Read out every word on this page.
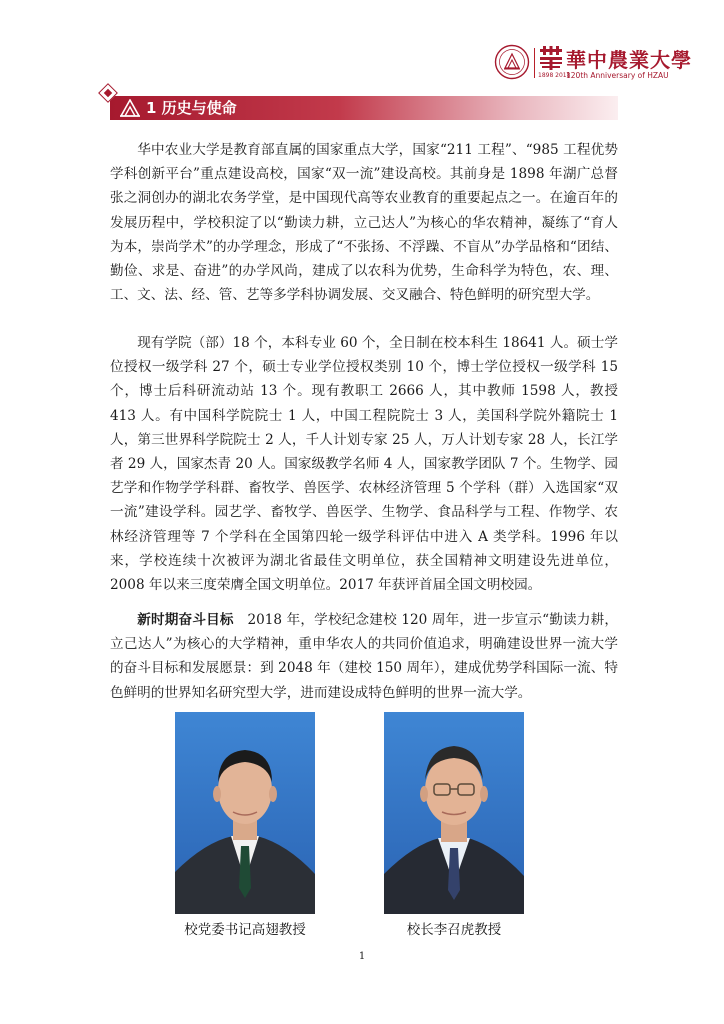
華中農業大學
1898 2018
120th Anniversary of HZAU
1 历史与使命

华中农业大学是教育部直属的国家重点大学，国家“211 工程”、“985 工程优势学科创新平台”重点建设高校，国家“双一流”建设高校。其前身是 1898 年湖广总督张之洞创办的湖北农务学堂，是中国现代高等农业教育的重要起点之一。在逾百年的发展历程中，学校积淀了以“勤读力耕，立己达人”为核心的华农精神，凝练了“育人为本，崇尚学术”的办学理念，形成了“不张扬、不浮躁、不盲从”办学品格和“团结、勤俭、求是、奋进”的办学风尚，建成了以农科为优势，生命科学为特色，农、理、工、文、法、经、管、艺等多学科协调发展、交叉融合、特色鲜明的研究型大学。

现有学院（部）18 个，本科专业 60 个，全日制在校本科生 18641 人。硕士学位授权一级学科 27 个，硕士专业学位授权类别 10 个，博士学位授权一级学科 15 个，博士后科研流动站 13 个。现有教职工 2666 人，其中教师 1598 人，教授 413 人。有中国科学院院士 1 人，中国工程院院士 3 人，美国科学院外籍院士 1 人，第三世界科学院院士 2 人，千人计划专家 25 人，万人计划专家 28 人，长江学者 29 人，国家杰青 20 人。国家级教学名师 4 人，国家教学团队 7 个。生物学、园艺学和作物学学科群、畜牧学、兽医学、农林经济管理 5 个学科（群）入选国家“双一流”建设学科。园艺学、畜牧学、兽医学、生物学、食品科学与工程、作物学、农林经济管理等 7 个学科在全国第四轮一级学科评估中进入 A 类学科。1996 年以来，学校连续十次被评为湖北省最佳文明单位，获全国精神文明建设先进单位，2008 年以来三度荣膺全国文明单位。2017 年获评首届全国文明校园。

新时期奋斗目标　 2018 年，学校纪念建校 120 周年，进一步宣示“勤读力耕，立己达人”为核心的大学精神，重申华农人的共同价值追求，明确建设世界一流大学的奋斗目标和发展愿景：到 2048 年（建校 150 周年），建成优势学科国际一流、特色鲜明的世界知名研究型大学，进而建设成特色鲜明的世界一流大学。

校党委书记高翅教授	校长李召虎教授
1
